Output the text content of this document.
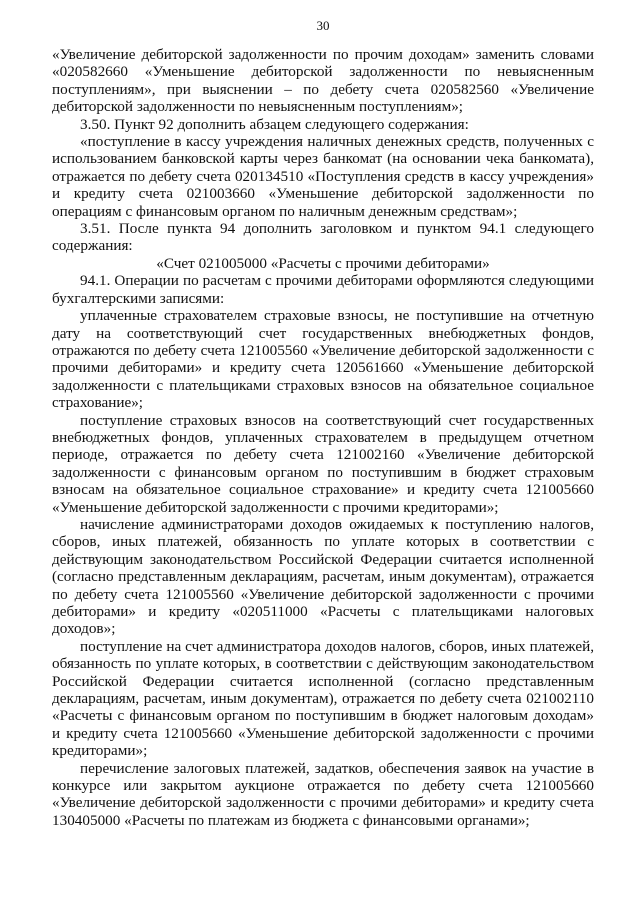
30

«Увеличение дебиторской задолженности по прочим доходам» заменить словами «020582660 «Уменьшение дебиторской задолженности по невыясненным поступлениям», при выяснении – по дебету счета 020582560 «Увеличение дебиторской задолженности по невыясненным поступлениям»;

3.50. Пункт 92 дополнить абзацем следующего содержания:

«поступление в кассу учреждения наличных денежных средств, полученных с использованием банковской карты через банкомат (на основании чека банкомата), отражается по дебету счета 020134510 «Поступления средств в кассу учреждения» и кредиту счета 021003660 «Уменьшение дебиторской задолженности по операциям с финансовым органом по наличным денежным средствам»;

3.51. После пункта 94 дополнить заголовком и пунктом 94.1 следующего содержания:

«Счет 021005000 «Расчеты с прочими дебиторами»

94.1. Операции по расчетам с прочими дебиторами оформляются следующими бухгалтерскими записями:

уплаченные страхователем страховые взносы, не поступившие на отчетную дату на соответствующий счет государственных внебюджетных фондов, отражаются по дебету счета 121005560 «Увеличение дебиторской задолженности с прочими дебиторами» и кредиту счета 120561660 «Уменьшение дебиторской задолженности с плательщиками страховых взносов на обязательное социальное страхование»;

поступление страховых взносов на соответствующий счет государственных внебюджетных фондов, уплаченных страхователем в предыдущем отчетном периоде, отражается по дебету счета 121002160 «Увеличение дебиторской задолженности с финансовым органом по поступившим в бюджет страховым взносам на обязательное социальное страхование» и кредиту счета 121005660 «Уменьшение дебиторской задолженности с прочими кредиторами»;

начисление администраторами доходов ожидаемых к поступлению налогов, сборов, иных платежей, обязанность по уплате которых в соответствии с действующим законодательством Российской Федерации считается исполненной (согласно представленным декларациям, расчетам, иным документам), отражается по дебету счета 121005560 «Увеличение дебиторской задолженности с прочими дебиторами» и кредиту «020511000 «Расчеты с плательщиками налоговых доходов»;

поступление на счет администратора доходов налогов, сборов, иных платежей, обязанность по уплате которых, в соответствии с действующим законодательством Российской Федерации считается исполненной (согласно представленным декларациям, расчетам, иным документам), отражается по дебету счета 021002110 «Расчеты с финансовым органом по поступившим в бюджет налоговым доходам» и кредиту счета 121005660 «Уменьшение дебиторской задолженности с прочими кредиторами»;

перечисление залоговых платежей, задатков, обеспечения заявок на участие в конкурсе или закрытом аукционе отражается по дебету счета 121005660 «Увеличение дебиторской задолженности с прочими дебиторами» и кредиту счета 130405000 «Расчеты по платежам из бюджета с финансовыми органами»;
